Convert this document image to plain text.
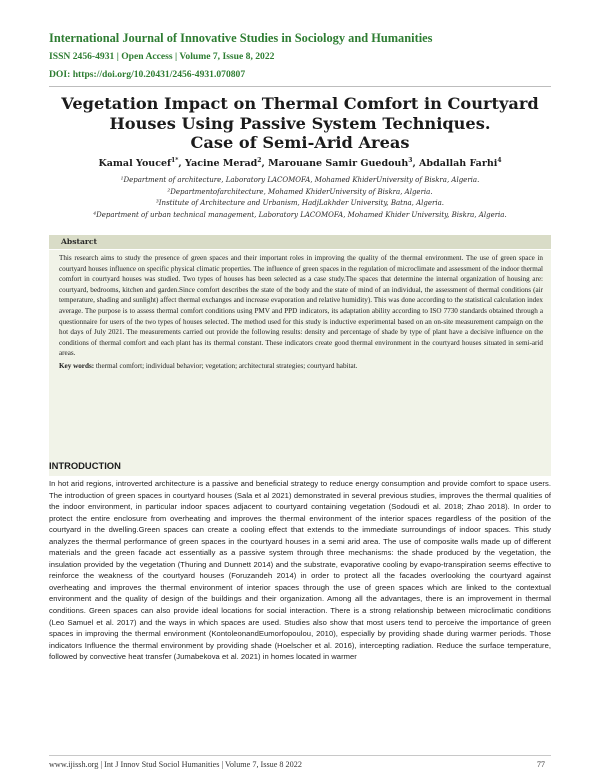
International Journal of Innovative Studies in Sociology and Humanities
ISSN 2456-4931 | Open Access | Volume 7, Issue 8, 2022
DOI: https://doi.org/10.20431/2456-4931.070807
Vegetation Impact on Thermal Comfort in Courtyard
Houses Using Passive System Techniques.
Case of Semi-Arid Areas
Kamal Youcef$^{1*}$, Yacine Merad$^2$, Marouane Samir Guedouh$^3$, Abdallah Farhi$^4$
¹Department of architecture, Laboratory LACOMOFA, Mohamed KhiderUniversity of Biskra, Algeria.
²Departmentofarchitecture, Mohamed KhiderUniversity of Biskra, Algeria.
³Institute of Architecture and Urbanism, HadjLakhder University, Batna, Algeria.
⁴Department of urban technical management, Laboratory LACOMOFA, Mohamed Khider University, Biskra, Algeria.
Abstarct
This research aims to study the presence of green spaces and their important roles in improving the quality of the thermal environment. The use of green space in courtyard houses influence on specific physical climatic properties. The influence of green spaces in the regulation of microclimate and assessment of the indoor thermal comfort in courtyard houses was studied. Two types of houses has been selected as a case study.The spaces that determine the internal organization of housing are: courtyard, bedrooms, kitchen and garden.Since comfort describes the state of the body and the state of mind of an individual, the assessment of thermal conditions (air temperature, shading and sunlight) affect thermal exchanges and increase evaporation and relative humidity). This was done according to the statistical calculation index average. The purpose is to assess thermal comfort conditions using PMV and PPD indicators, its adaptation ability according to ISO 7730 standards obtained through a questionnaire for users of the two types of houses selected. The method used for this study is inductive experimental based on an on-site measurement campaign on the hot days of July 2021. The measurements carried out provide the following results: density and percentage of shade by type of plant have a decisive influence on the conditions of thermal comfort and each plant has its thermal constant. These indicators create good thermal environment in the courtyard houses situated in semi-arid areas.
Key words: thermal comfort; individual behavior; vegetation; architectural strategies; courtyard habitat.
INTRODUCTION
In hot arid regions, introverted architecture is a passive and beneficial strategy to reduce energy consumption and provide comfort to space users. The introduction of green spaces in courtyard houses (Sala et al 2021) demonstrated in several previous studies, improves the thermal qualities of the indoor environment, in particular indoor spaces adjacent to courtyard containing vegetation (Sodoudi et al. 2018; Zhao 2018). In order to protect the entire enclosure from overheating and improves the thermal environment of the interior spaces regardless of the position of the courtyard in the dwelling.Green spaces can create a cooling effect that extends to the immediate surroundings of indoor spaces. This study analyzes the thermal performance of green spaces in the courtyard houses in a semi arid area. The use of composite walls made up of different materials and the green facade act essentially as a passive system through three mechanisms: the shade produced by the vegetation, the insulation provided by the vegetation (Thuring and Dunnett 2014) and the substrate, evaporative cooling by evapo-transpiration seems effective to reinforce the weakness of the courtyard houses (Foruzandeh 2014) in order to protect all the facades overlooking the courtyard against overheating and improves the thermal environment of interior spaces through the use of green spaces which are linked to the contextual environment and the quality of design of the buildings and their organization. Among all the advantages, there is an improvement in thermal conditions. Green spaces can also provide ideal locations for social interaction. There is a strong relationship between microclimatic conditions (Leo Samuel et al. 2017) and the ways in which spaces are used. Studies also show that most users tend to perceive the importance of green spaces in improving the thermal environment (KontoleonandEumorfopoulou, 2010), especially by providing shade during warmer periods. Those indicators Influence the thermal environment by providing shade (Hoelscher et al. 2016), intercepting radiation. Reduce the surface temperature, followed by convective heat transfer (Jumabekova et al. 2021) in homes located in warmer
www.ijissh.org | Int J Innov Stud Sociol Humanities | Volume 7, Issue 8 2022	77
